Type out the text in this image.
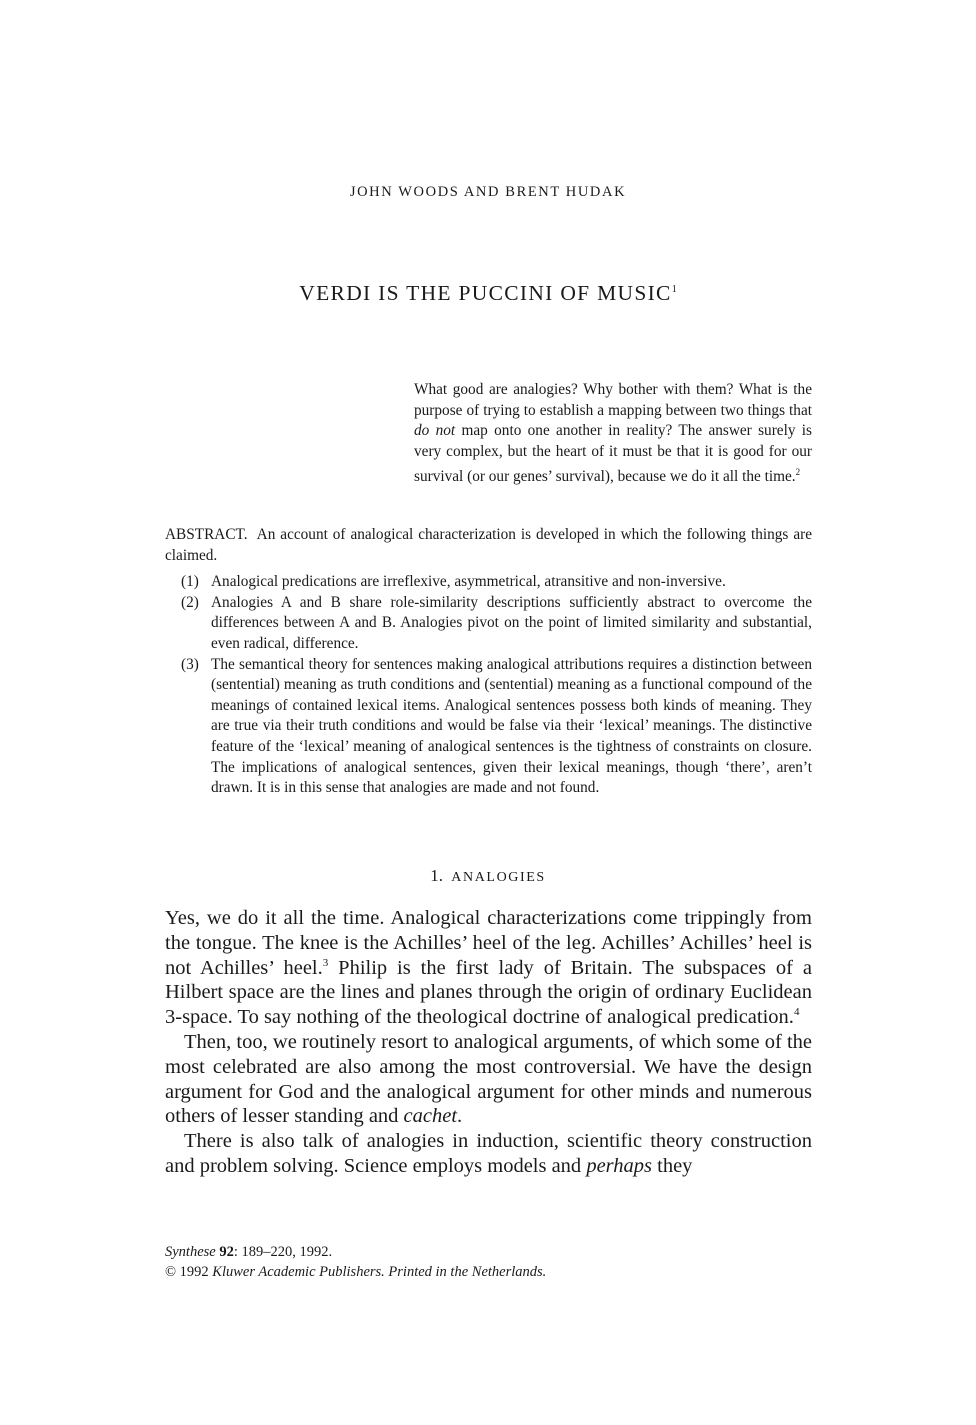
JOHN WOODS AND BRENT HUDAK
VERDI IS THE PUCCINI OF MUSIC$^1$
What good are analogies? Why bother with them? What is the purpose of trying to establish a mapping between two things that do not map onto one another in reality? The answer surely is very complex, but the heart of it must be that it is good for our survival (or our genes’ survival), because we do it all the time.$^2$
ABSTRACT. An account of analogical characterization is developed in which the following things are claimed.
(1) Analogical predications are irreflexive, asymmetrical, atransitive and non-inversive.
(2) Analogies A and B share role-similarity descriptions sufficiently abstract to overcome the differences between A and B. Analogies pivot on the point of limited similarity and substantial, even radical, difference.
(3) The semantical theory for sentences making analogical attributions requires a distinction between (sentential) meaning as truth conditions and (sentential) meaning as a functional compound of the meanings of contained lexical items. Analogical sentences possess both kinds of meaning. They are true via their truth conditions and would be false via their ‘lexical’ meanings. The distinctive feature of the ‘lexical’ meaning of analogical sentences is the tightness of constraints on closure. The implications of analogical sentences, given their lexical meanings, though ‘there’, aren’t drawn. It is in this sense that analogies are made and not found.
1. ANALOGIES

Yes, we do it all the time. Analogical characterizations come trippingly from the tongue. The knee is the Achilles’ heel of the leg. Achilles’ Achilles’ heel is not Achilles’ heel.$^3$ Philip is the first lady of Britain. The subspaces of a Hilbert space are the lines and planes through the origin of ordinary Euclidean 3-space. To say nothing of the theological doctrine of analogical predication.$^4$

Then, too, we routinely resort to analogical arguments, of which some of the most celebrated are also among the most controversial. We have the design argument for God and the analogical argument for other minds and numerous others of lesser standing and cachet.

There is also talk of analogies in induction, scientific theory construction and problem solving. Science employs models and perhaps they

Synthese 92: 189–220, 1992.
© 1992 Kluwer Academic Publishers. Printed in the Netherlands.
